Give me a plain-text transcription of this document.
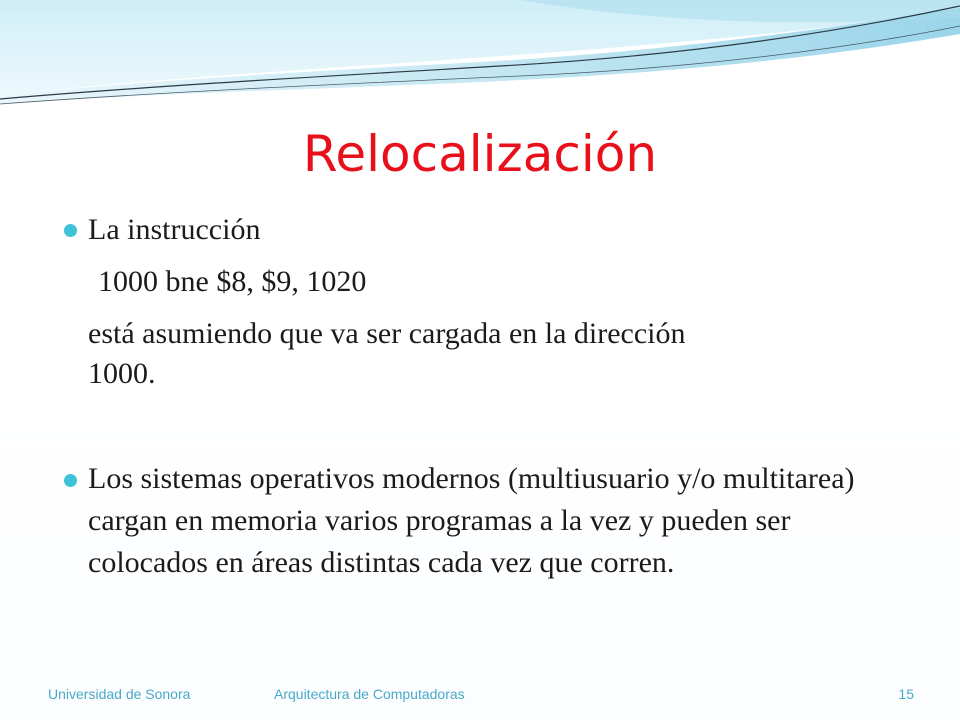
Relocalización
La instrucción
1000 bne $8, $9, 1020
está asumiendo que va ser cargada en la dirección
1000.
Los sistemas operativos modernos (multiusuario y/o multitarea) cargan en memoria varios programas a la vez y pueden ser colocados en áreas distintas cada vez que corren.
Universidad de Sonora	Arquitectura de Computadoras	15
